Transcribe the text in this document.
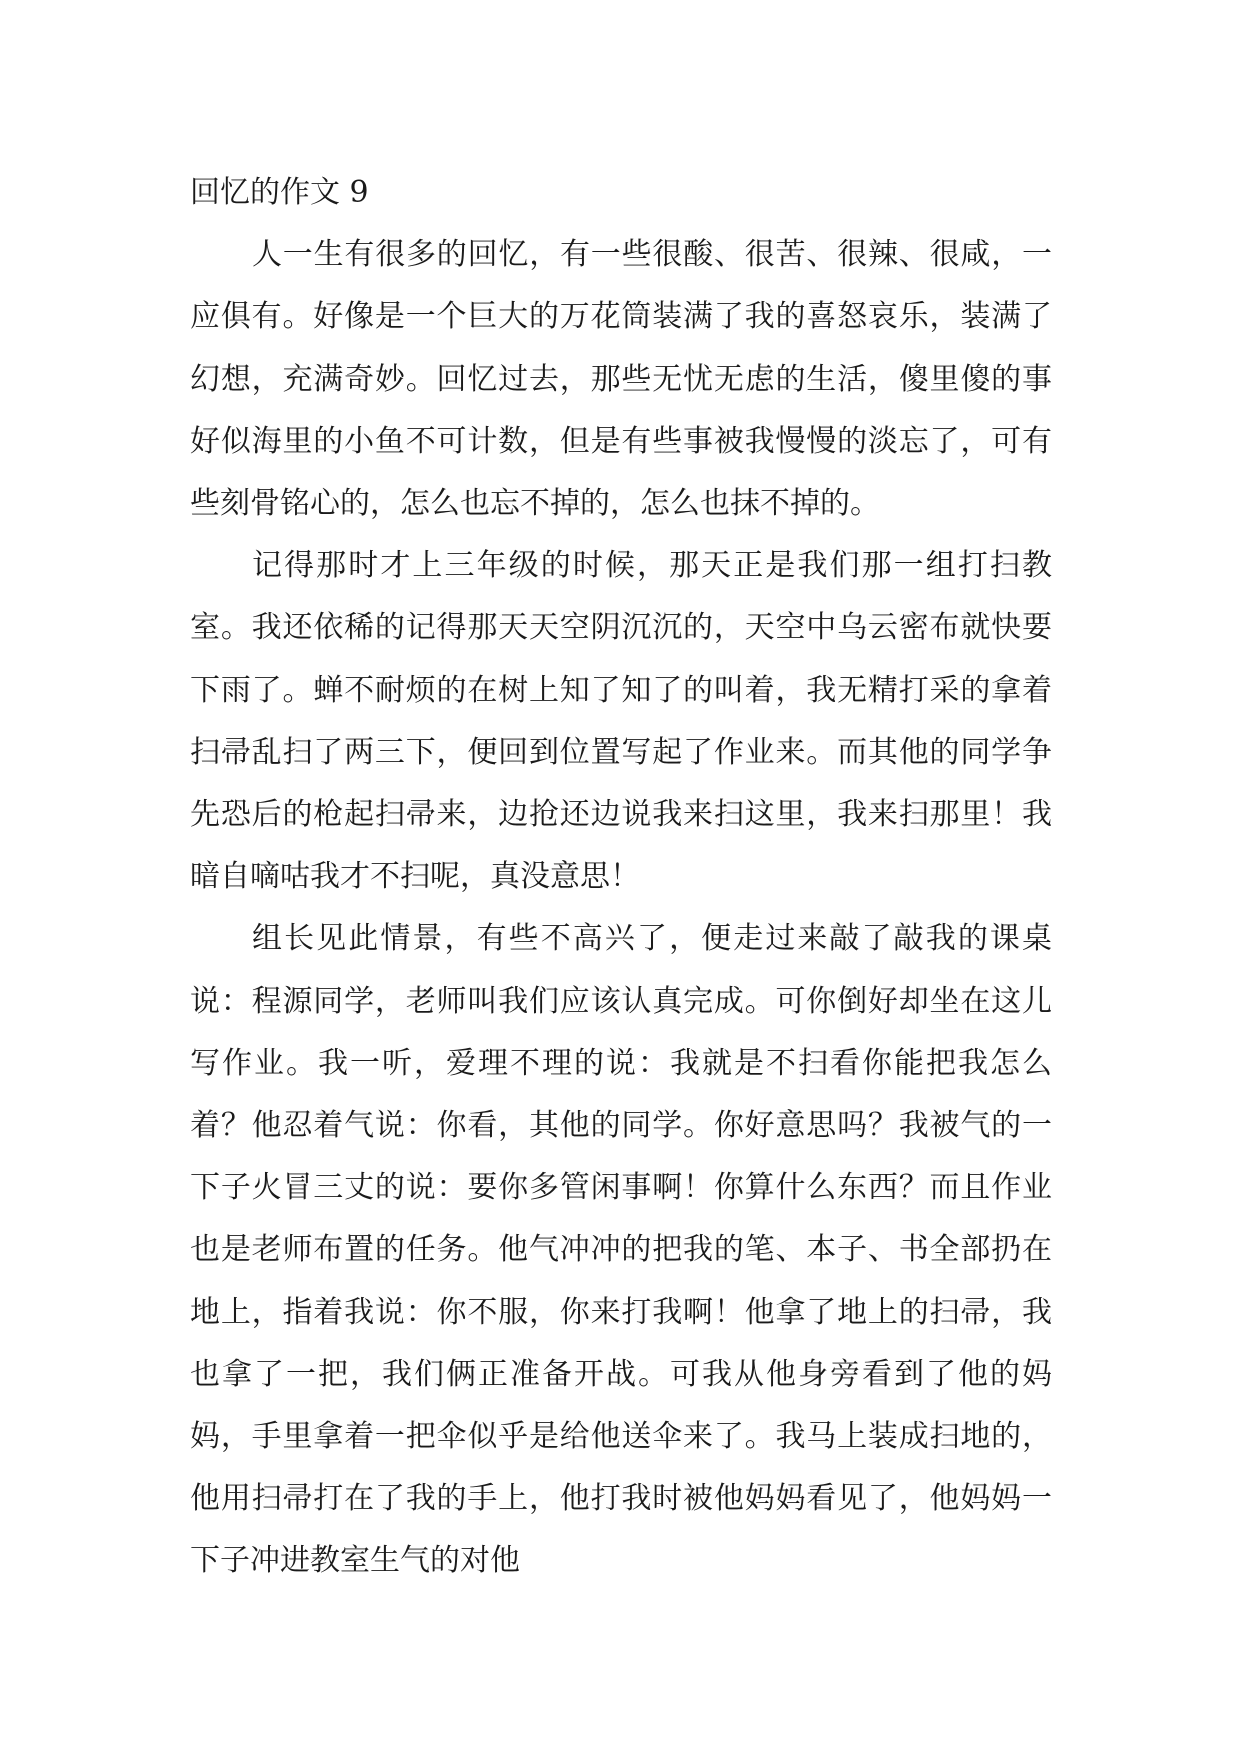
回忆的作文 9

人一生有很多的回忆，有一些很酸、很苦、很辣、很咸，一应俱有。好像是一个巨大的万花筒装满了我的喜怒哀乐，装满了幻想，充满奇妙。回忆过去，那些无忧无虑的生活，傻里傻的事好似海里的小鱼不可计数，但是有些事被我慢慢的淡忘了，可有些刻骨铭心的，怎么也忘不掉的，怎么也抹不掉的。

记得那时才上三年级的时候，那天正是我们那一组打扫教室。我还依稀的记得那天天空阴沉沉的，天空中乌云密布就快要下雨了。蝉不耐烦的在树上知了知了的叫着，我无精打采的拿着扫帚乱扫了两三下，便回到位置写起了作业来。而其他的同学争先恐后的枪起扫帚来，边抢还边说我来扫这里，我来扫那里！我暗自嘀咕我才不扫呢，真没意思！

组长见此情景，有些不高兴了，便走过来敲了敲我的课桌说：程源同学，老师叫我们应该认真完成。可你倒好却坐在这儿写作业。我一听，爱理不理的说：我就是不扫看你能把我怎么着？他忍着气说：你看，其他的同学。你好意思吗？我被气的一下子火冒三丈的说：要你多管闲事啊！你算什么东西？而且作业也是老师布置的任务。他气冲冲的把我的笔、本子、书全部扔在地上，指着我说：你不服，你来打我啊！他拿了地上的扫帚，我也拿了一把，我们俩正准备开战。可我从他身旁看到了他的妈妈，手里拿着一把伞似乎是给他送伞来了。我马上装成扫地的，他用扫帚打在了我的手上，他打我时被他妈妈看见了，他妈妈一下子冲进教室生气的对他
